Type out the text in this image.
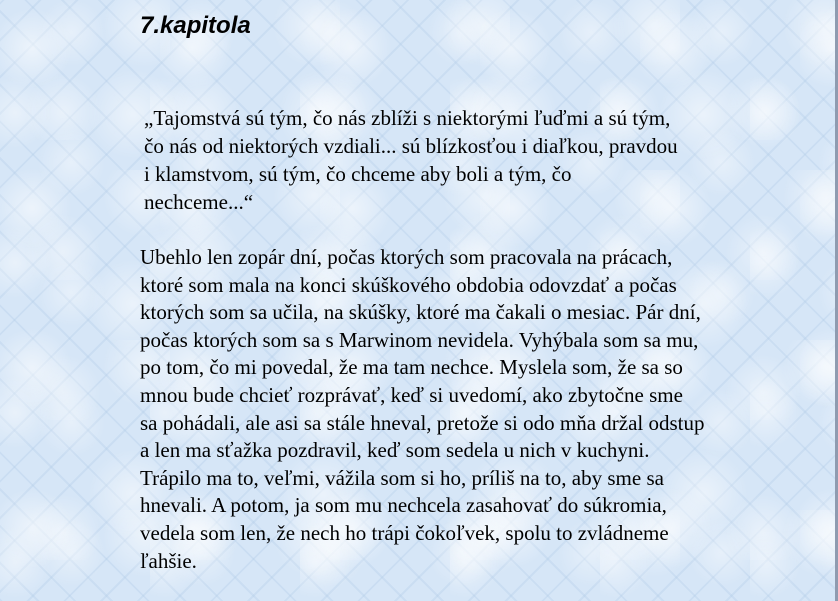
7.kapitola

„Tajomstvá sú tým, čo nás zblíži s niektorými ľuďmi a sú tým, čo nás od niektorých vzdiali... sú blízkosťou i diaľkou, pravdou i klamstvom, sú tým, čo chceme aby boli a tým, čo nechceme...“

Ubehlo len zopár dní, počas ktorých som pracovala na prácach, ktoré som mala na konci skúškového obdobia odovzdať a počas ktorých som sa učila, na skúšky, ktoré ma čakali o mesiac. Pár dní, počas ktorých som sa s Marwinom nevidela. Vyhýbala som sa mu, po tom, čo mi povedal, že ma tam nechce. Myslela som, že sa so mnou bude chcieť rozprávať, keď si uvedomí, ako zbytočne sme sa pohádali, ale asi sa stále hneval, pretože si odo mňa držal odstup a len ma sťažka pozdravil, keď som sedela u nich v kuchyni. Trápilo ma to, veľmi, vážila som si ho, príliš na to, aby sme sa hnevali. A potom, ja som mu nechcela zasahovať do súkromia, vedela som len, že nech ho trápi čokoľvek, spolu to zvládneme ľahšie.
